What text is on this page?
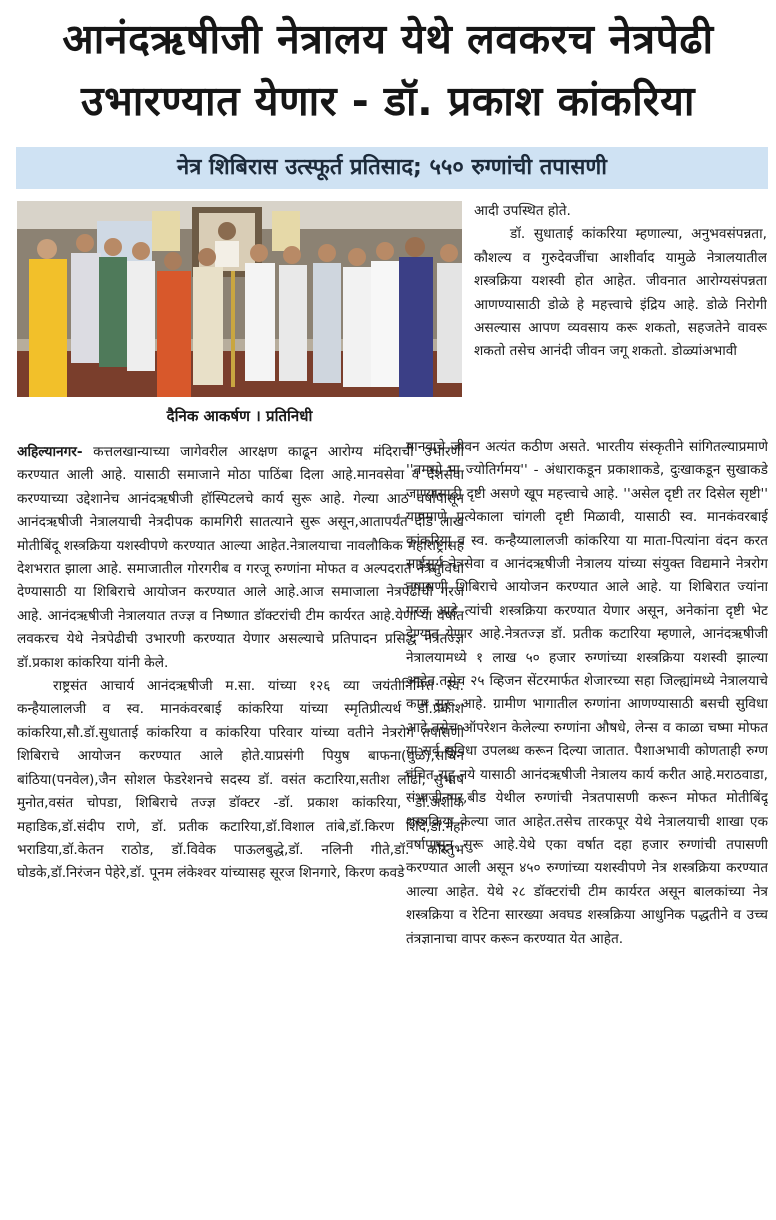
आनंदऋषीजी नेत्रालय येथे लवकरच नेत्रपेढी
उभारण्यात येणार - डॉ. प्रकाश कांकरिया
नेत्र शिबिरास उत्स्फूर्त प्रतिसाद; ५५० रुग्णांची तपासणी
दैनिक आकर्षण । प्रतिनिधी

अहिल्यानगर- कत्तलखान्याच्या जागेवरील आरक्षण काढून आरोग्य मंदिराची उभारणी करण्यात आली आहे. यासाठी समाजाने मोठा पाठिंबा दिला आहे.मानवसेवा व देशसेवा करण्याच्या उद्देशानेच आनंदऋषीजी हॉस्पिटलचे कार्य सुरू आहे. गेल्या आठ वर्षांपासून आनंदऋषीजी नेत्रालयाची नेत्रदीपक कामगिरी सातत्याने सुरू असून,आतापर्यंत दीड लाख मोतीबिंदू शस्त्रक्रिया यशस्वीपणे करण्यात आल्या आहेत.नेत्रालयाचा नावलौकिक महाराष्ट्रासह देशभरात झाला आहे. समाजातील गोरगरीब व गरजू रुग्णांना मोफत व अल्पदरात नेत्रसुविधा देण्यासाठी या शिबिराचे आयोजन करण्यात आले आहे.आज समाजाला नेत्रपेढीची गरज आहे. आनंदऋषीजी नेत्रालयात तज्ज्ञ व निष्णात डॉक्टरांची टीम कार्यरत आहे.येणाऱ्या वर्षात लवकरच येथे नेत्रपेढीची उभारणी करण्यात येणार असल्याचे प्रतिपादन प्रसिद्ध नेत्रतज्ज्ञ डॉ.प्रकाश कांकरिया यांनी केले.

राष्ट्रसंत आचार्य आनंदऋषीजी म.सा. यांच्या १२६ व्या जयंतीनिमित्त स्व. कन्हैयालालजी व स्व. मानकंवरबाई कांकरिया यांच्या स्मृतिप्रीत्यर्थ डॉ.प्रकाश कांकरिया,सौ.डॉ.सुधाताई कांकरिया व कांकरिया परिवार यांच्या वतीने नेत्ररोग तपासणी शिबिराचे आयोजन करण्यात आले होते.याप्रसंगी पियुष बाफना(धुळे),सचिन बांठिया(पनवेल),जैन सोशल फेडरेशनचे सदस्य डॉ. वसंत कटारिया,सतीश लोढा, सुभाष मुनोत,वसंत चोपडा, शिबिराचे तज्ज्ञ डॉक्टर -डॉ. प्रकाश कांकरिया, डॉ.अशोक महाडिक,डॉ.संदीप राणे, डॉ. प्रतीक कटारिया,डॉ.विशाल तांबे,डॉ.किरण शिंदे,डॉ.नेहा भराडिया,डॉ.केतन राठोड, डॉ.विवेक पाऊलबुद्धे,डॉ. नलिनी गीते,डॉ. कौस्तुभ घोडके,डॉ.निरंजन पेहेरे,डॉ. पूनम लंकेश्वर यांच्यासह सूरज शिनगारे, किरण कवडे

आदी उपस्थित होते.

डॉ. सुधाताई कांकरिया म्हणाल्या, अनुभवसंपन्नता, कौशल्य व गुरुदेवजींचा आशीर्वाद यामुळे नेत्रालयातील शस्त्रक्रिया यशस्वी होत आहेत. जीवनात आरोग्यसंपन्नता आणण्यासाठी डोळे हे महत्त्वाचे इंद्रिय आहे. डोळे निरोगी असल्यास आपण व्यवसाय करू शकतो, सहजतेने वावरू शकतो तसेच आनंदी जीवन जगू शकतो. डोळ्यांअभावी

मानवाचे जीवन अत्यंत कठीण असते. भारतीय संस्कृतीने सांगितल्याप्रमाणे ''तमसो मा ज्योतिर्गमय'' - अंधाराकडून प्रकाशाकडे, दुःखाकडून सुखाकडे जाण्यासाठी दृष्टी असणे खूप महत्त्वाचे आहे. ''असेल दृष्टी तर दिसेल सृष्टी'' याप्रमाणे प्रत्येकाला चांगली दृष्टी मिळावी, यासाठी स्व. मानकंवरबाई कांकरिया व स्व. कन्हैय्यालालजी कांकरिया या माता-पित्यांना वंदन करत साईसूर्य नेत्रसेवा व आनंदऋषीजी नेत्रालय यांच्या संयुक्त विद्यमाने नेत्ररोग तपासणी शिबिराचे आयोजन करण्यात आले आहे. या शिबिरात ज्यांना गरज आहे त्यांची शस्त्रक्रिया करण्यात येणार असून, अनेकांना दृष्टी भेट देण्यात येणार आहे.नेत्रतज्ज्ञ डॉ. प्रतीक कटारिया म्हणाले, आनंदऋषीजी नेत्रालयामध्ये १ लाख ५० हजार रुग्णांच्या शस्त्रक्रिया यशस्वी झाल्या आहेत.तसेच २५ व्हिजन सेंटरमार्फत शेजारच्या सहा जिल्ह्यांमध्ये नेत्रालयाचे काम सुरू आहे. ग्रामीण भागातील रुग्णांना आणण्यासाठी बसची सुविधा आहे.तसेच ऑपरेशन केलेल्या रुग्णांना औषधे, लेन्स व काळा चष्मा मोफत या सर्व सुविधा उपलब्ध करून दिल्या जातात. पैशाअभावी कोणताही रुग्ण वंचित राहू नये यासाठी आनंदऋषीजी नेत्रालय कार्य करीत आहे.मराठवाडा, संभाजीनगर,बीड येथील रुग्णांची नेत्रतपासणी करून मोफत मोतीबिंदू शस्त्रक्रिया केल्या जात आहेत.तसेच तारकपूर येथे नेत्रालयाची शाखा एक वर्षापासून सुरू आहे.येथे एका वर्षात दहा हजार रुग्णांची तपासणी करण्यात आली असून ४५० रुग्णांच्या यशस्वीपणे नेत्र शस्त्रक्रिया करण्यात आल्या आहेत. येथे २८ डॉक्टरांची टीम कार्यरत असून बालकांच्या नेत्र शस्त्रक्रिया व रेटिना सारख्या अवघड शस्त्रक्रिया आधुनिक पद्धतीने व उच्च तंत्रज्ञानाचा वापर करून करण्यात येत आहेत.
